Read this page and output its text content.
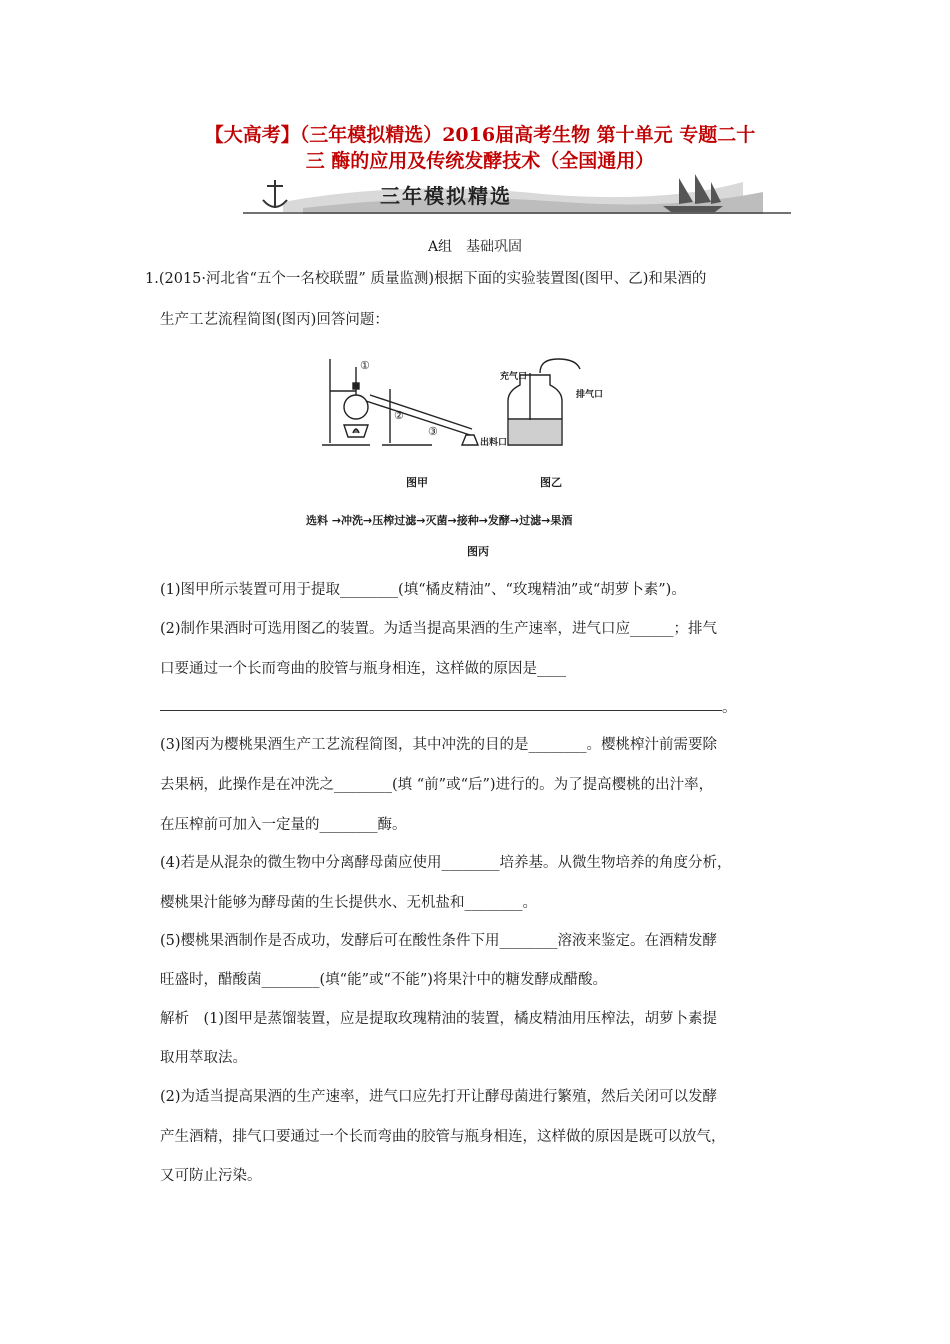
【大高考】（三年模拟精选）2016届高考生物 第十单元 专题二十
三 酶的应用及传统发酵技术（全国通用）
三年模拟精选
A组　基础巩固
1.(2015·河北省“五个一名校联盟” 质量监测)根据下面的实验装置图(图甲、乙)和果酒的
生产工艺流程简图(图丙)回答问题：
①
②
③
充气口
排气口
出料口
图甲	图乙
选料 →冲洗→压榨过滤→灭菌→接种→发酵→过滤→果酒
图丙
(1)图甲所示装置可用于提取________(填“橘皮精油”、“玫瑰精油”或“胡萝卜素”)。
(2)制作果酒时可选用图乙的装置。为适当提高果酒的生产速率，进气口应______；排气
口要通过一个长而弯曲的胶管与瓶身相连，这样做的原因是____
。
(3)图丙为樱桃果酒生产工艺流程简图，其中冲洗的目的是________。樱桃榨汁前需要除
去果柄，此操作是在冲洗之________(填 “前”或“后”)进行的。为了提高樱桃的出汁率，
在压榨前可加入一定量的________酶。
(4)若是从混杂的微生物中分离酵母菌应使用________培养基。从微生物培养的角度分析，
樱桃果汁能够为酵母菌的生长提供水、无机盐和________。
(5)樱桃果酒制作是否成功，发酵后可在酸性条件下用________溶液来鉴定。在酒精发酵
旺盛时，醋酸菌________(填“能”或“不能”)将果汁中的糖发酵成醋酸。
解析　(1)图甲是蒸馏装置，应是提取玫瑰精油的装置，橘皮精油用压榨法，胡萝卜素提
取用萃取法。
(2)为适当提高果酒的生产速率，进气口应先打开让酵母菌进行繁殖，然后关闭可以发酵
产生酒精，排气口要通过一个长而弯曲的胶管与瓶身相连，这样做的原因是既可以放气，
又可防止污染。
